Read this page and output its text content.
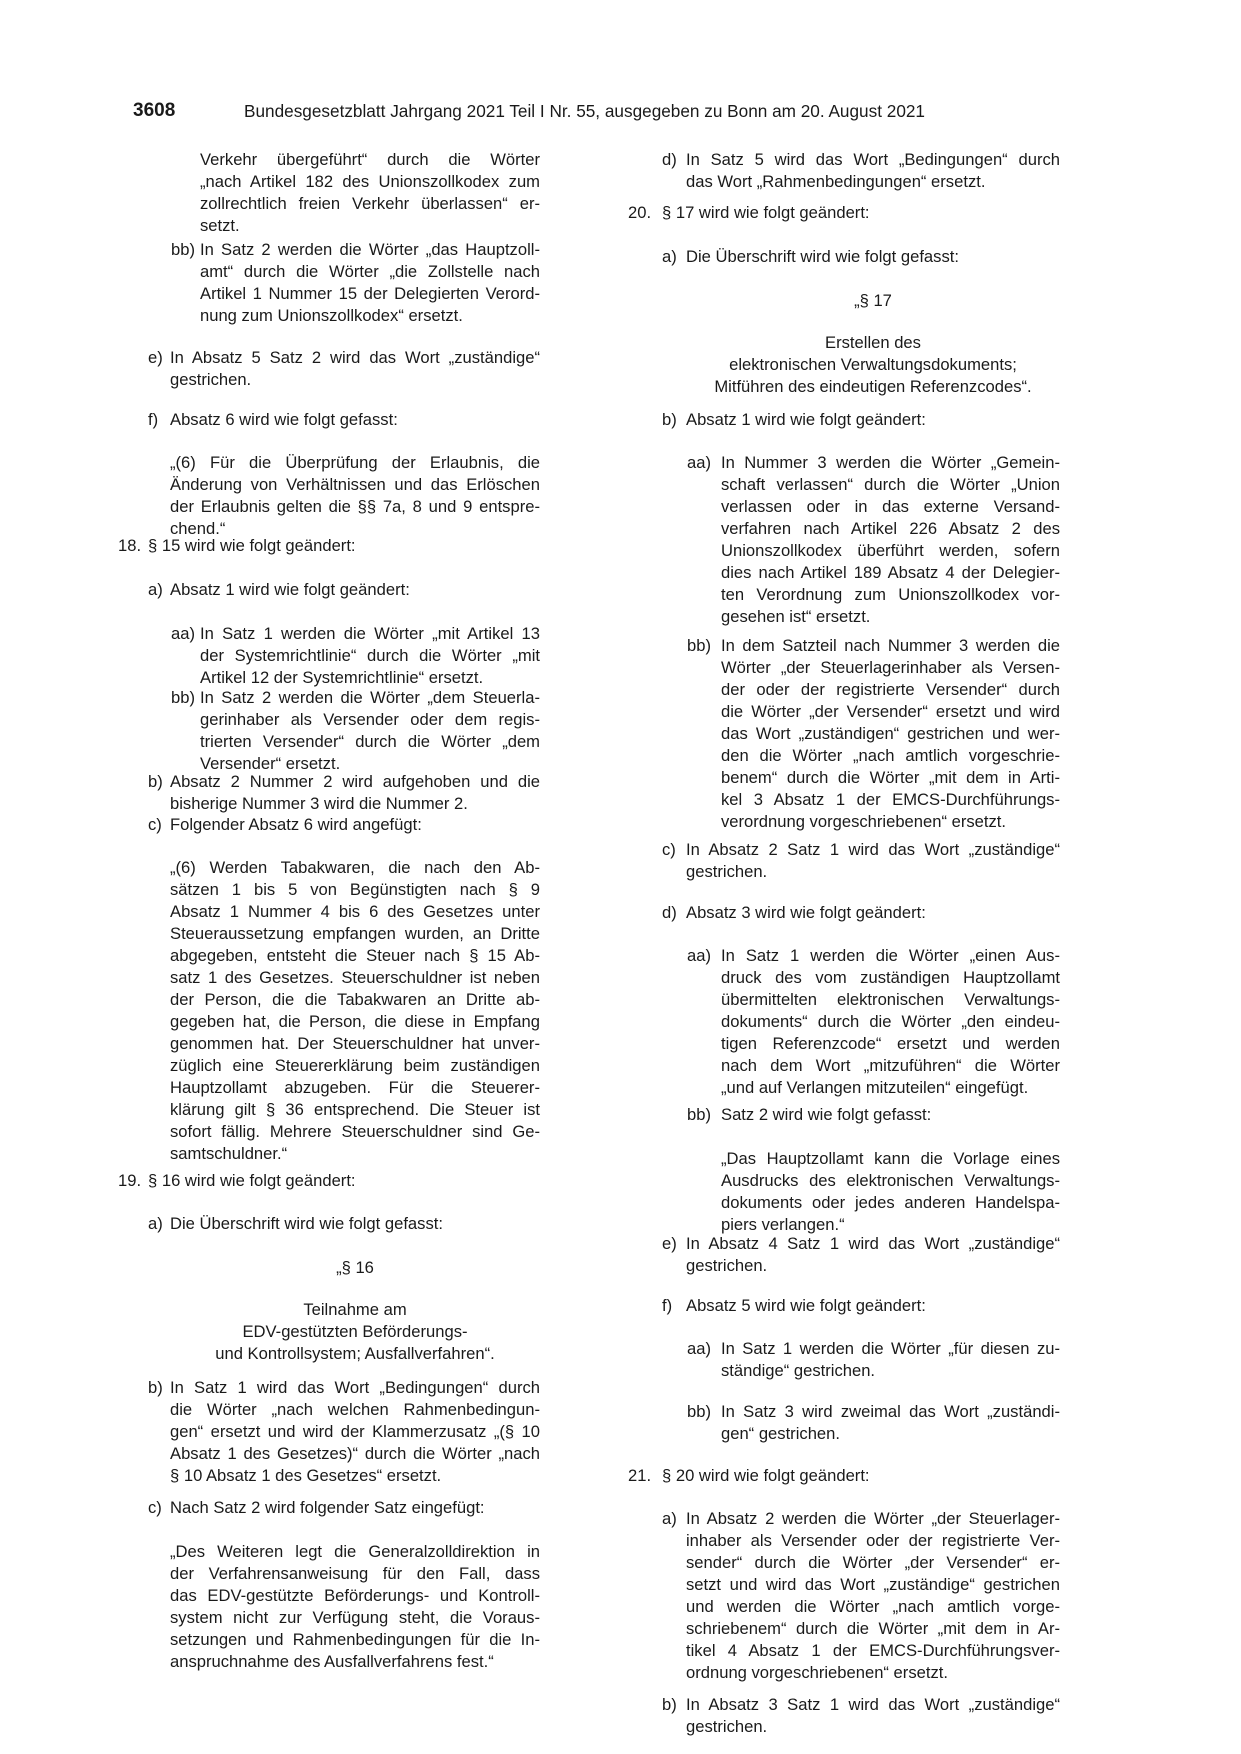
3608	Bundesgesetzblatt Jahrgang 2021 Teil I Nr. 55, ausgegeben zu Bonn am 20. August 2021
Verkehr übergeführt“ durch die Wörter
„nach Artikel 182 des Unionszollkodex zum
zollrechtlich freien Verkehr überlassen“ er-
setzt.
bb) In Satz 2 werden die Wörter „das Hauptzoll-
amt“ durch die Wörter „die Zollstelle nach
Artikel 1 Nummer 15 der Delegierten Verord-
nung zum Unionszollkodex“ ersetzt.
e) In Absatz 5 Satz 2 wird das Wort „zuständige“
gestrichen.
f) Absatz 6 wird wie folgt gefasst:
„(6) Für die Überprüfung der Erlaubnis, die
Änderung von Verhältnissen und das Erlöschen
der Erlaubnis gelten die §§ 7a, 8 und 9 entspre-
chend.“
18. § 15 wird wie folgt geändert:
a) Absatz 1 wird wie folgt geändert:
aa) In Satz 1 werden die Wörter „mit Artikel 13
der Systemrichtlinie“ durch die Wörter „mit
Artikel 12 der Systemrichtlinie“ ersetzt.
bb) In Satz 2 werden die Wörter „dem Steuerla-
gerinhaber als Versender oder dem regis-
trierten Versender“ durch die Wörter „dem
Versender“ ersetzt.
b) Absatz 2 Nummer 2 wird aufgehoben und die
bisherige Nummer 3 wird die Nummer 2.
c) Folgender Absatz 6 wird angefügt:
„(6) Werden Tabakwaren, die nach den Ab-
sätzen 1 bis 5 von Begünstigten nach § 9
Absatz 1 Nummer 4 bis 6 des Gesetzes unter
Steueraussetzung empfangen wurden, an Dritte
abgegeben, entsteht die Steuer nach § 15 Ab-
satz 1 des Gesetzes. Steuerschuldner ist neben
der Person, die die Tabakwaren an Dritte ab-
gegeben hat, die Person, die diese in Empfang
genommen hat. Der Steuerschuldner hat unver-
züglich eine Steuererklärung beim zuständigen
Hauptzollamt abzugeben. Für die Steuerer-
klärung gilt § 36 entsprechend. Die Steuer ist
sofort fällig. Mehrere Steuerschuldner sind Ge-
samtschuldner.“
19. § 16 wird wie folgt geändert:
a) Die Überschrift wird wie folgt gefasst:
„§ 16
Teilnahme am
EDV-gestützten Beförderungs-
und Kontrollsystem; Ausfallverfahren“.
b) In Satz 1 wird das Wort „Bedingungen“ durch
die Wörter „nach welchen Rahmenbedingun-
gen“ ersetzt und wird der Klammerzusatz „(§ 10
Absatz 1 des Gesetzes)“ durch die Wörter „nach
§ 10 Absatz 1 des Gesetzes“ ersetzt.
c) Nach Satz 2 wird folgender Satz eingefügt:
„Des Weiteren legt die Generalzolldirektion in
der Verfahrensanweisung für den Fall, dass
das EDV-gestützte Beförderungs- und Kontroll-
system nicht zur Verfügung steht, die Voraus-
setzungen und Rahmenbedingungen für die In-
anspruchnahme des Ausfallverfahrens fest.“
d) In Satz 5 wird das Wort „Bedingungen“ durch
das Wort „Rahmenbedingungen“ ersetzt.
20. § 17 wird wie folgt geändert:
a) Die Überschrift wird wie folgt gefasst:
„§ 17
Erstellen des
elektronischen Verwaltungsdokuments;
Mitführen des eindeutigen Referenzcodes“.
b) Absatz 1 wird wie folgt geändert:
aa) In Nummer 3 werden die Wörter „Gemein-
schaft verlassen“ durch die Wörter „Union
verlassen oder in das externe Versand-
verfahren nach Artikel 226 Absatz 2 des
Unionszollkodex überführt werden, sofern
dies nach Artikel 189 Absatz 4 der Delegier-
ten Verordnung zum Unionszollkodex vor-
gesehen ist“ ersetzt.
bb) In dem Satzteil nach Nummer 3 werden die
Wörter „der Steuerlagerinhaber als Versen-
der oder der registrierte Versender“ durch
die Wörter „der Versender“ ersetzt und wird
das Wort „zuständigen“ gestrichen und wer-
den die Wörter „nach amtlich vorgeschrie-
benem“ durch die Wörter „mit dem in Arti-
kel 3 Absatz 1 der EMCS-Durchführungs-
verordnung vorgeschriebenen“ ersetzt.
c) In Absatz 2 Satz 1 wird das Wort „zuständige“
gestrichen.
d) Absatz 3 wird wie folgt geändert:
aa) In Satz 1 werden die Wörter „einen Aus-
druck des vom zuständigen Hauptzollamt
übermittelten elektronischen Verwaltungs-
dokuments“ durch die Wörter „den eindeu-
tigen Referenzcode“ ersetzt und werden
nach dem Wort „mitzuführen“ die Wörter
„und auf Verlangen mitzuteilen“ eingefügt.
bb) Satz 2 wird wie folgt gefasst:
„Das Hauptzollamt kann die Vorlage eines
Ausdrucks des elektronischen Verwaltungs-
dokuments oder jedes anderen Handelspa-
piers verlangen.“
e) In Absatz 4 Satz 1 wird das Wort „zuständige“
gestrichen.
f) Absatz 5 wird wie folgt geändert:
aa) In Satz 1 werden die Wörter „für diesen zu-
ständige“ gestrichen.
bb) In Satz 3 wird zweimal das Wort „zuständi-
gen“ gestrichen.
21. § 20 wird wie folgt geändert:
a) In Absatz 2 werden die Wörter „der Steuerlager-
inhaber als Versender oder der registrierte Ver-
sender“ durch die Wörter „der Versender“ er-
setzt und wird das Wort „zuständige“ gestrichen
und werden die Wörter „nach amtlich vorge-
schriebenem“ durch die Wörter „mit dem in Ar-
tikel 4 Absatz 1 der EMCS-Durchführungsver-
ordnung vorgeschriebenen“ ersetzt.
b) In Absatz 3 Satz 1 wird das Wort „zuständige“
gestrichen.
